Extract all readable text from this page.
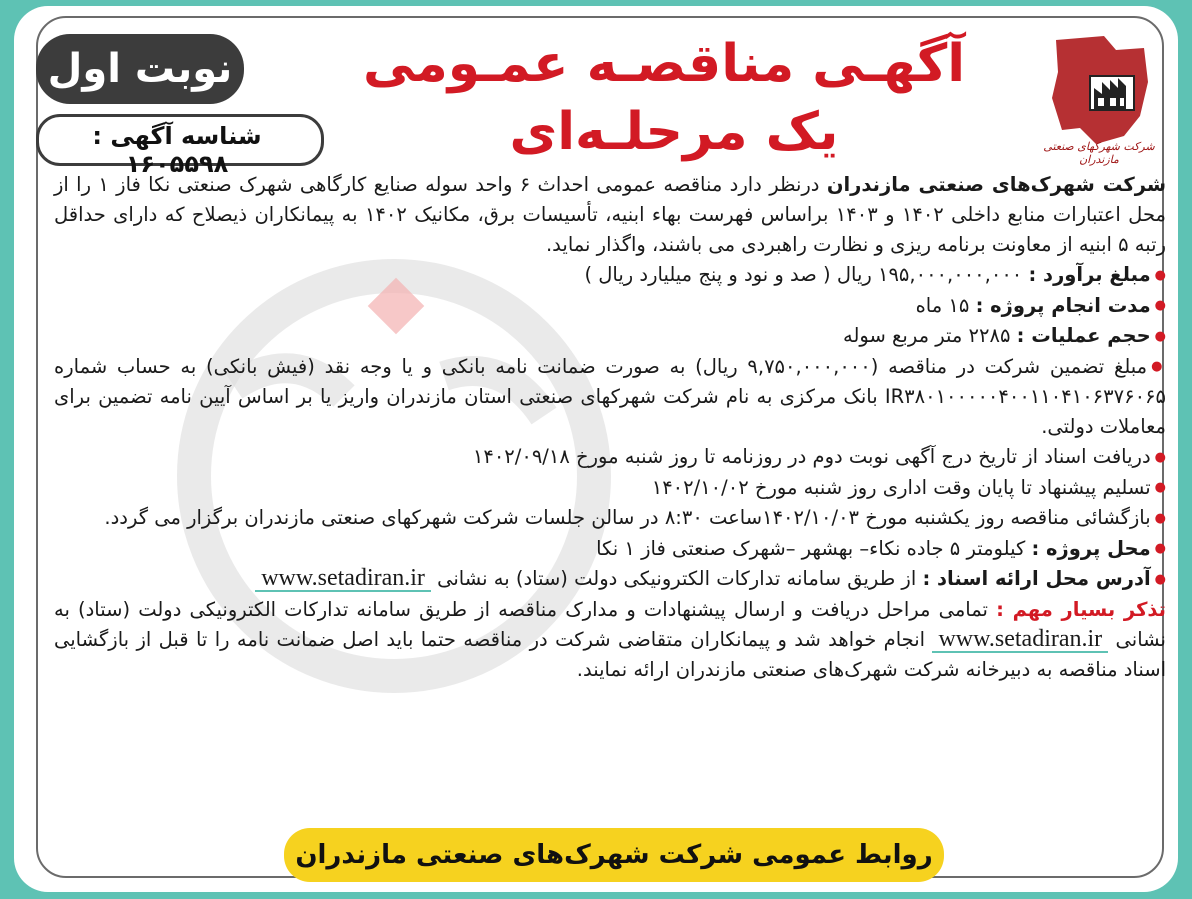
نوبت اول
شناسه آگهی : ۱۶۰۵۵۹۸
آگهـی مناقصـه عمـومی
یک مرحلـه‌ای	شرکت شهرکهای صنعتی مازندران

شرکت شهرک‌های صنعتی مازندران درنظر دارد مناقصه عمومی احداث ۶ واحد سوله صنایع کارگاهی شهرک صنعتی نکا فاز ۱ را از محل اعتبارات منابع داخلی ۱۴۰۲ و ۱۴۰۳ براساس فهرست بهاء ابنیه، تأسیسات برق، مکانیک ۱۴۰۲ به پیمانکاران ذیصلاح که دارای حداقل رتبه ۵ ابنیه از معاونت برنامه ریزی و نظارت راهبردی می باشند، واگذار نماید.

● مبلغ برآورد : ۱۹۵,۰۰۰,۰۰۰,۰۰۰ ریال ( صد و نود و پنج میلیارد ریال )

● مدت انجام پروژه : ۱۵ ماه

● حجم عملیات : ۲۲۸۵ متر مربع سوله

● مبلغ تضمین شرکت در مناقصه (۹,۷۵۰,۰۰۰,۰۰۰ ریال) به صورت ضمانت نامه بانکی و یا وجه نقد (فیش بانکی) به حساب شماره IR۳۸۰۱۰۰۰۰۰۴۰۰۱۱۰۴۱۰۶۳۷۶۰۶۵ بانک مرکزی به نام شرکت شهرکهای صنعتی استان مازندران واریز یا بر اساس آیین نامه تضمین برای معاملات دولتی.

● دریافت اسناد از تاریخ درج آگهی نوبت دوم در روزنامه تا روز شنبه مورخ ۱۴۰۲/۰۹/۱۸

● تسلیم پیشنهاد تا پایان وقت اداری روز شنبه مورخ ۱۴۰۲/۱۰/۰۲

● بازگشائی مناقصه روز یکشنبه مورخ ۱۴۰۲/۱۰/۰۳ساعت ۸:۳۰ در سالن جلسات شرکت شهرکهای صنعتی مازندران برگزار می گردد.

● محل پروژه : کیلومتر ۵ جاده نکاء– بهشهر –شهرک صنعتی فاز ۱ نکا

● آدرس محل ارائه اسناد : از طریق سامانه تدارکات الکترونیکی دولت (ستاد) به نشانی www.setadiran.ir

تذکر بسیار مهم : تمامی مراحل دریافت و ارسال پیشنهادات و مدارک مناقصه از طریق سامانه تدارکات الکترونیکی دولت (ستاد) به نشانی www.setadiran.ir انجام خواهد شد و پیمانکاران متقاضی شرکت در مناقصه حتما باید اصل ضمانت نامه را تا قبل از بازگشایی اسناد مناقصه به دبیرخانه شرکت شهرک‌های صنعتی مازندران ارائه نمایند.

روابط عمومی شرکت شهرک‌های صنعتی مازندران
